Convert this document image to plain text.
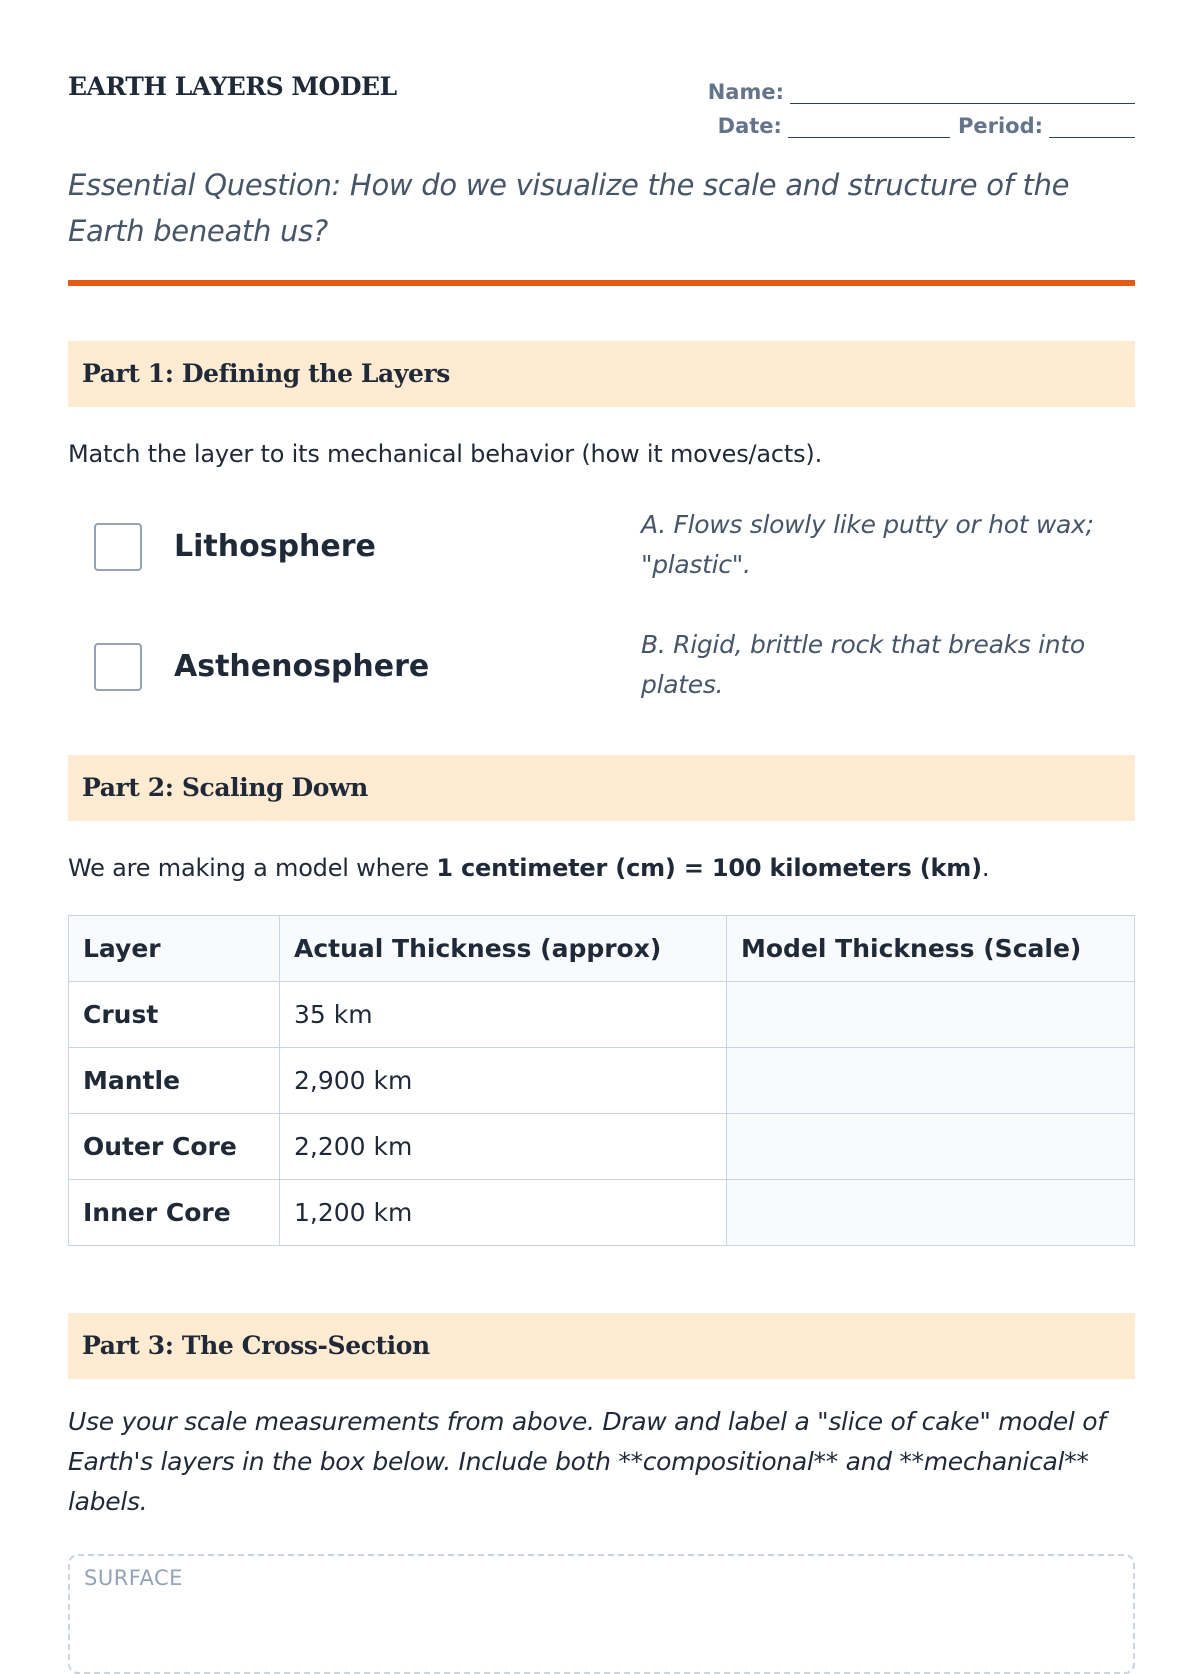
EARTH LAYERS MODEL	Name:
Date:	Period:
Essential Question: How do we visualize the scale and structure of the Earth beneath us?
Part 1: Defining the Layers
Match the layer to its mechanical behavior (how it moves/acts).
Lithosphere
A. Flows slowly like putty or hot wax; "plastic".
Asthenosphere
B. Rigid, brittle rock that breaks into plates.
Part 2: Scaling Down
We are making a model where 1 centimeter (cm) = 100 kilometers (km).
Layer	Actual Thickness (approx)	Model Thickness (Scale)
Crust	35 km	
Mantle	2,900 km	
Outer Core	2,200 km	
Inner Core	1,200 km	
Part 3: The Cross-Section
Use your scale measurements from above. Draw and label a "slice of cake" model of Earth's layers in the box below. Include both **compositional** and **mechanical** labels.
SURFACE
